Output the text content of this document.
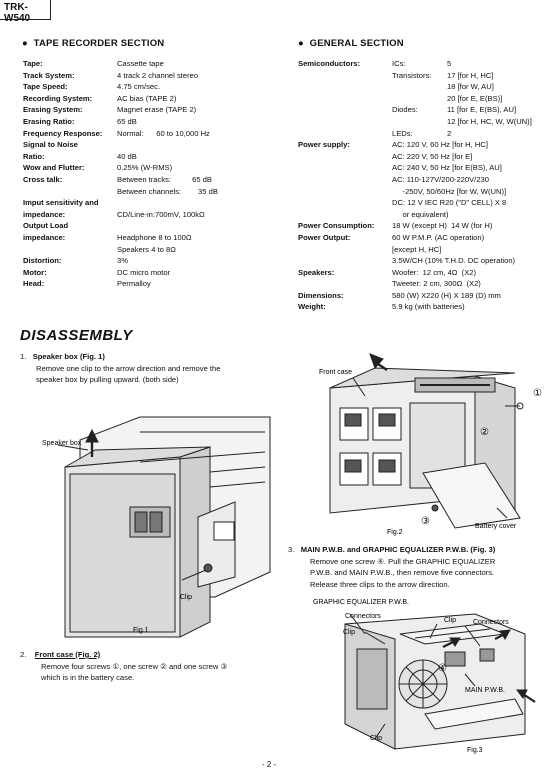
TRK-W540
● TAPE RECORDER SECTION
Tape:	Cassette tape
Track System:	4 track 2 channel stereo
Tape Speed:	4.75 cm/sec.
Recording System:	AC bias (TAPE 2)
Erasing System:	Magnet erase (TAPE 2)
Erasing Ratio:	65 dB
Frequency Response:	Normal:      60 to 10,000 Hz
Signal to Noise
Ratio:	40 dB
Wow and Flutter:	0.25% (W-RMS)
Cross talk:	Between tracks:          65 dB
Between channels:        35 dB
Imput sensitivity and
impedance:	CD/Line-in:700mV, 100kΩ
Output Load
impedance:	Headphone 8 to 100Ω
Speakers 4 to 8Ω
Distortion:	3%
Motor:	DC micro motor
Head:	Permalloy
● GENERAL SECTION
Semiconductors:	ICs:	5
Transistors:	17 [for H, HC]
18 [for W, AU]
20 [for E, E(BS)]
Diodes:	11 [for E, E(BS), AU]
12 [for H, HC, W, W(UN)]
LEDs:	2
Power supply:	AC: 120 V, 60 Hz [for H, HC]
AC: 220 V, 50 Hz [for E]
AC: 240 V, 50 Hz [for E(BS), AU]
AC: 110-127V/200-220V/230
-250V, 50/60Hz [for W, W(UN)]
DC: 12 V IEC R20 ("D" CELL) X 8
or equivalent)
Power Consumption:	18 W (except H)  14 W (for H)
Power Output:	60 W P.M.P. (AC operation)
[except H, HC]
3.5W/CH (10% T.H.D. DC operation)
Speakers:	Woofer:  12 cm, 4Ω  (X2)
Tweeter: 2 cm, 300Ω  (X2)
Dimensions:	580 (W) X220 (H) X 189 (D) mm
Weight:	5.9 kg (with batteries)
DISASSEMBLY
1. Speaker box (Fig. 1)
Remove one clip to the arrow direction and remove the
speaker box by pulling upward. (both side)
Speaker box
Clip
Fig.1
2. Front case (Fig. 2)
Remove four screws ①, one screw ② and one screw ③
which is in the battery case.
Front case
①
②
③	Battery cover
Fig.2
3. MAIN P.W.B. and GRAPHIC EQUALIZER P.W.B. (Fig. 3)
Remove one screw ④. Pull the GRAPHIC EQUALIZER
P.W.B. and MAIN P.W.B., then remove five connectors.
Release three clips to the arrow direction.
GRAPHIC EQUALIZER P.W.B.
Connectors
Clip
Clip Connectors
④
MAIN P.W.B.
Clip
Fig.3
- 2 -
